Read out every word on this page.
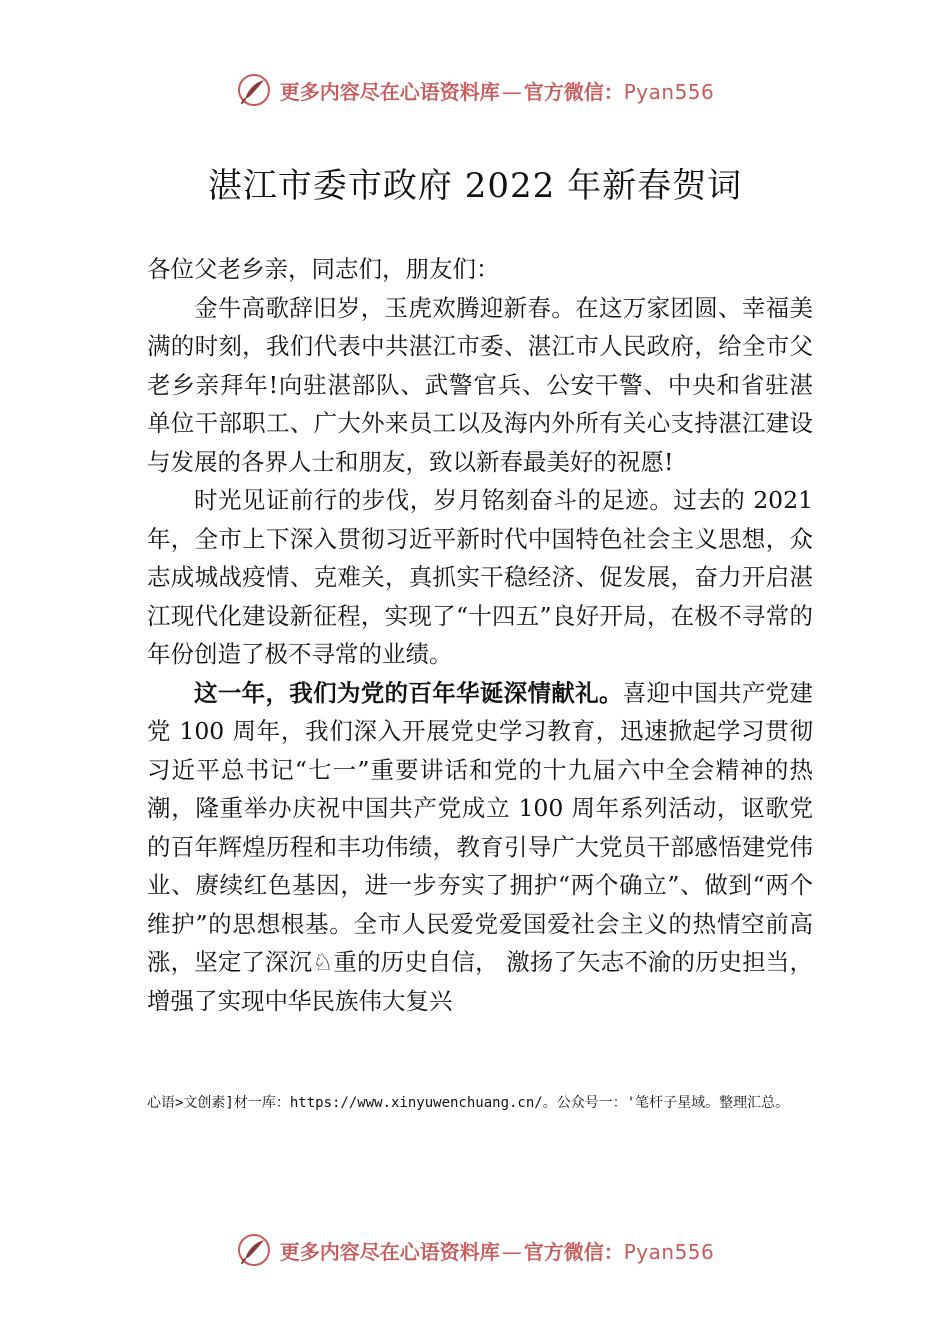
更多内容尽在心语资料库 — 官方微信：Pyan556
湛江市委市政府 2022 年新春贺词

各位父老乡亲，同志们，朋友们：

金牛高歌辞旧岁，玉虎欢腾迎新春。在这万家团圆、幸福美满的时刻，我们代表中共湛江市委、湛江市人民政府，给全市父老乡亲拜年!向驻湛部队、武警官兵、公安干警、中央和省驻湛单位干部职工、广大外来员工以及海内外所有关心支持湛江建设与发展的各界人士和朋友，致以新春最美好的祝愿!

时光见证前行的步伐，岁月铭刻奋斗的足迹。过去的 2021 年，全市上下深入贯彻习近平新时代中国特色社会主义思想，众志成城战疫情、克难关，真抓实干稳经济、促发展，奋力开启湛江现代化建设新征程，实现了“十四五”良好开局，在极不寻常的年份创造了极不寻常的业绩。

这一年，我们为党的百年华诞深情献礼。喜迎中国共产党建党 100 周年，我们深入开展党史学习教育，迅速掀起学习贯彻习近平总书记“七一”重要讲话和党的十九届六中全会精神的热潮，隆重举办庆祝中国共产党成立 100 周年系列活动，讴歌党的百年辉煌历程和丰功伟绩，教育引导广大党员干部感悟建党伟业、赓续红色基因，进一步夯实了拥护“两个确立”、做到“两个维护”的思想根基。全市人民爱党爱国爱社会主义的热情空前高涨，坚定了深沉♘重的历史自信， 激扬了矢志不渝的历史担当，增强了实现中华民族伟大复兴

心语>文创素]材一库：https://www.xinyuwenchuang.cn/。公众号一：'笔杆子星域。整理汇总。
更多内容尽在心语资料库 — 官方微信：Pyan556
